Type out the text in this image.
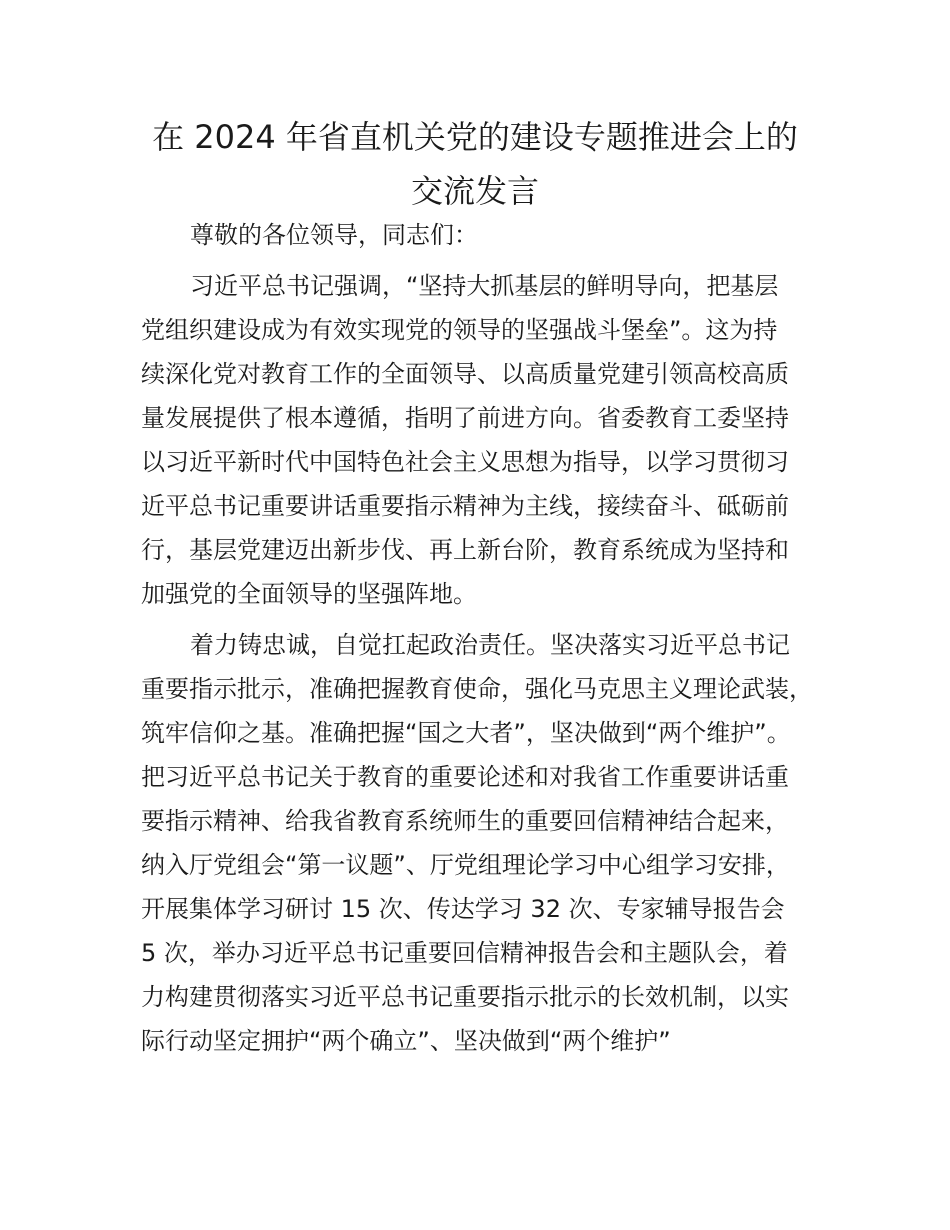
在 2024 年省直机关党的建设专题推进会上的
交流发言

尊敬的各位领导，同志们：

习近平总书记强调，“坚持大抓基层的鲜明导向，把基层

党组织建设成为有效实现党的领导的坚强战斗堡垒”。这为持

续深化党对教育工作的全面领导、以高质量党建引领高校高质

量发展提供了根本遵循，指明了前进方向。省委教育工委坚持

以习近平新时代中国特色社会主义思想为指导，以学习贯彻习

近平总书记重要讲话重要指示精神为主线，接续奋斗、砥砺前

行，基层党建迈出新步伐、再上新台阶，教育系统成为坚持和

加强党的全面领导的坚强阵地。

着力铸忠诚，自觉扛起政治责任。坚决落实习近平总书记

重要指示批示，准确把握教育使命，强化马克思主义理论武装，

筑牢信仰之基。准确把握“国之大者”，坚决做到“两个维护”。

把习近平总书记关于教育的重要论述和对我省工作重要讲话重

要指示精神、给我省教育系统师生的重要回信精神结合起来，

纳入厅党组会“第一议题”、厅党组理论学习中心组学习安排，

开展集体学习研讨 15 次、传达学习 32 次、专家辅导报告会

5 次，举办习近平总书记重要回信精神报告会和主题队会，着

力构建贯彻落实习近平总书记重要指示批示的长效机制，以实

际行动坚定拥护“两个确立”、坚决做到“两个维护”
